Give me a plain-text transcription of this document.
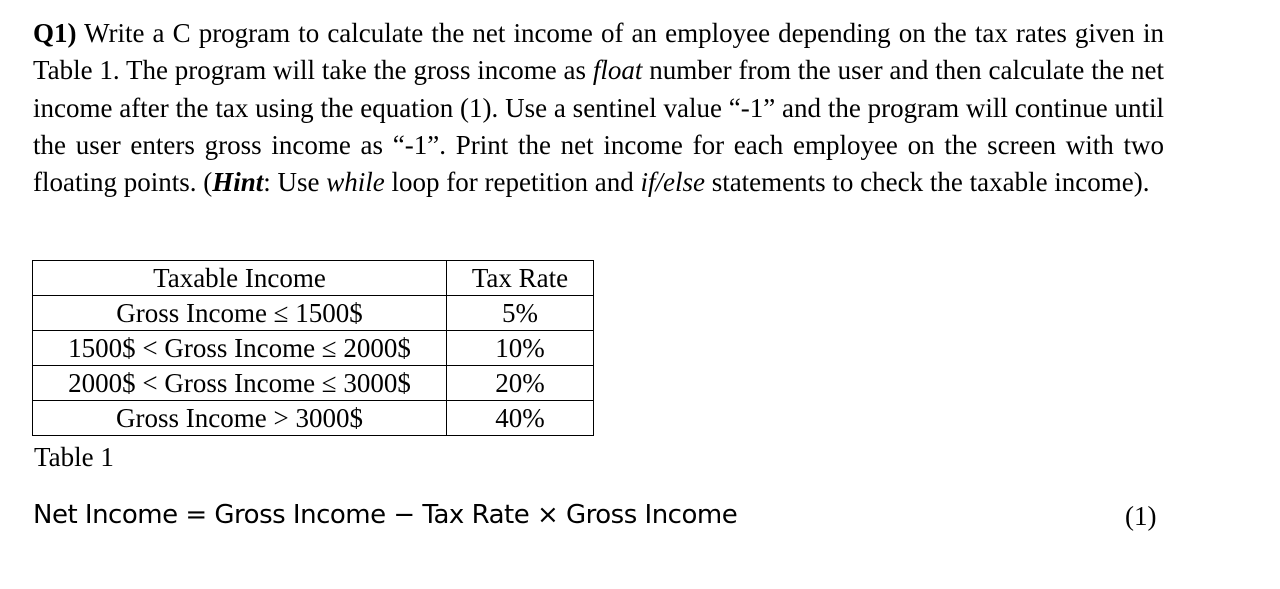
Q1) Write a C program to calculate the net income of an employee depending on the tax rates given in Table 1. The program will take the gross income as float number from the user and then calculate the net income after the tax using the equation (1). Use a sentinel value “-1” and the program will continue until the user enters gross income as “-1”. Print the net income for each employee on the screen with two floating points. (Hint: Use while loop for repetition and if/else statements to check the taxable income).
Taxable Income	Tax Rate
Gross Income ≤ 1500$	5%
1500$ < Gross Income ≤ 2000$	10%
2000$ < Gross Income ≤ 3000$	20%
Gross Income > 3000$	40%
Table 1
Net Income = Gross Income − Tax Rate × Gross Income	(1)
